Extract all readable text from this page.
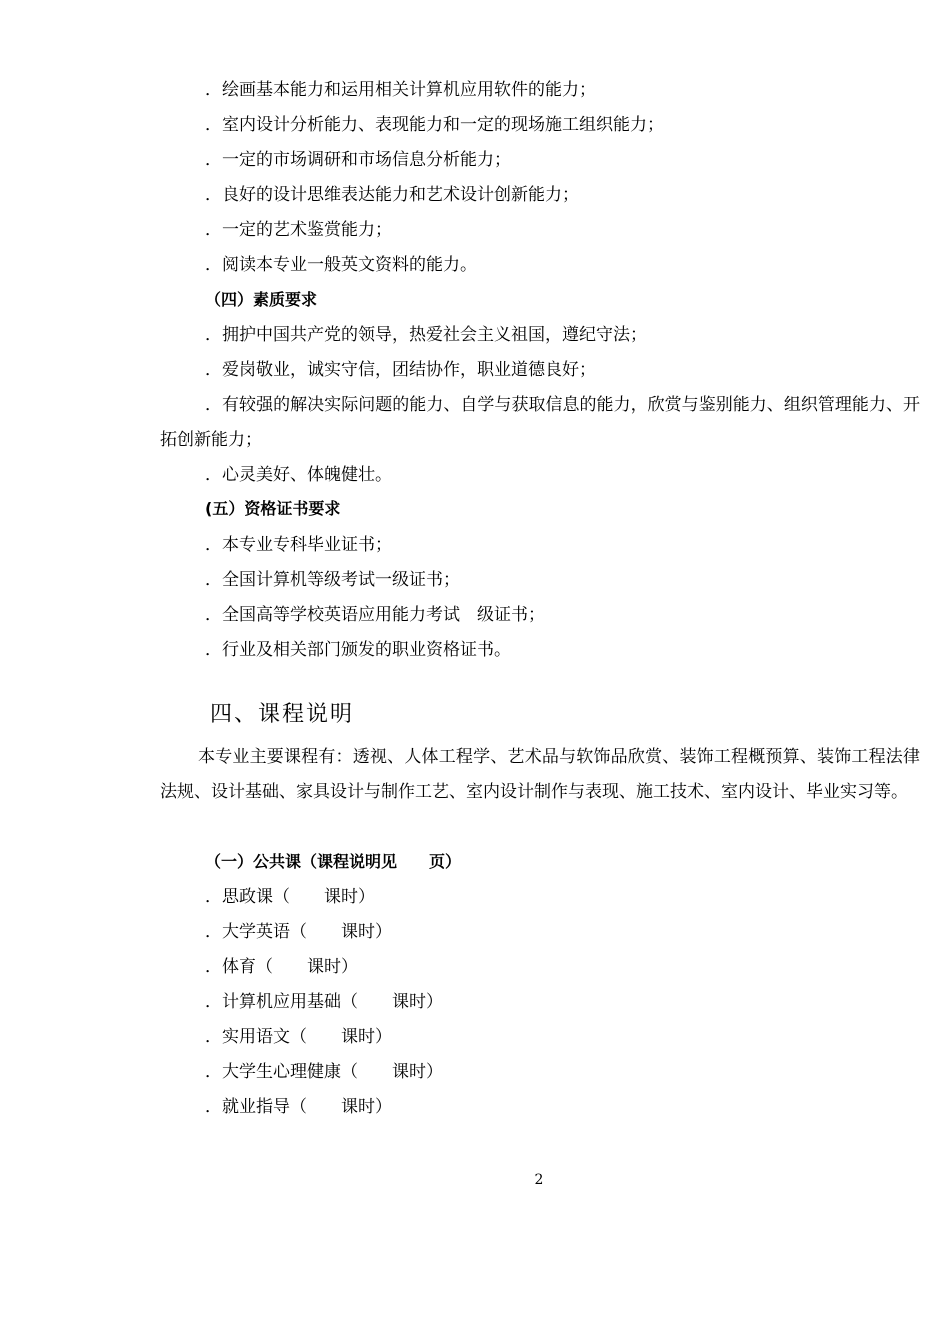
．绘画基本能力和运用相关计算机应用软件的能力；
．室内设计分析能力、表现能力和一定的现场施工组织能力；
．一定的市场调研和市场信息分析能力；
．良好的设计思维表达能力和艺术设计创新能力；
．一定的艺术鉴赏能力；
．阅读本专业一般英文资料的能力。
（四）素质要求
．拥护中国共产党的领导，热爱社会主义祖国，遵纪守法；
．爱岗敬业，诚实守信，团结协作，职业道德良好；
．有较强的解决实际问题的能力、自学与获取信息的能力，欣赏与鉴别能力、组织管理能力、开拓创新能力；
．心灵美好、体魄健壮。
(五）资格证书要求
．本专业专科毕业证书；
．全国计算机等级考试一级证书；
．全国高等学校英语应用能力考试　级证书；
．行业及相关部门颁发的职业资格证书。
四、课程说明
本专业主要课程有：透视、人体工程学、艺术品与软饰品欣赏、装饰工程概预算、装饰工程法律法规、设计基础、家具设计与制作工艺、室内设计制作与表现、施工技术、室内设计、毕业实习等。
（一）公共课（课程说明见　　页）
．思政课（　　课时）
．大学英语（　　课时）
．体育（　　课时）
．计算机应用基础（　　课时）
．实用语文（　　课时）
．大学生心理健康（　　课时）
．就业指导（　　课时）
2
